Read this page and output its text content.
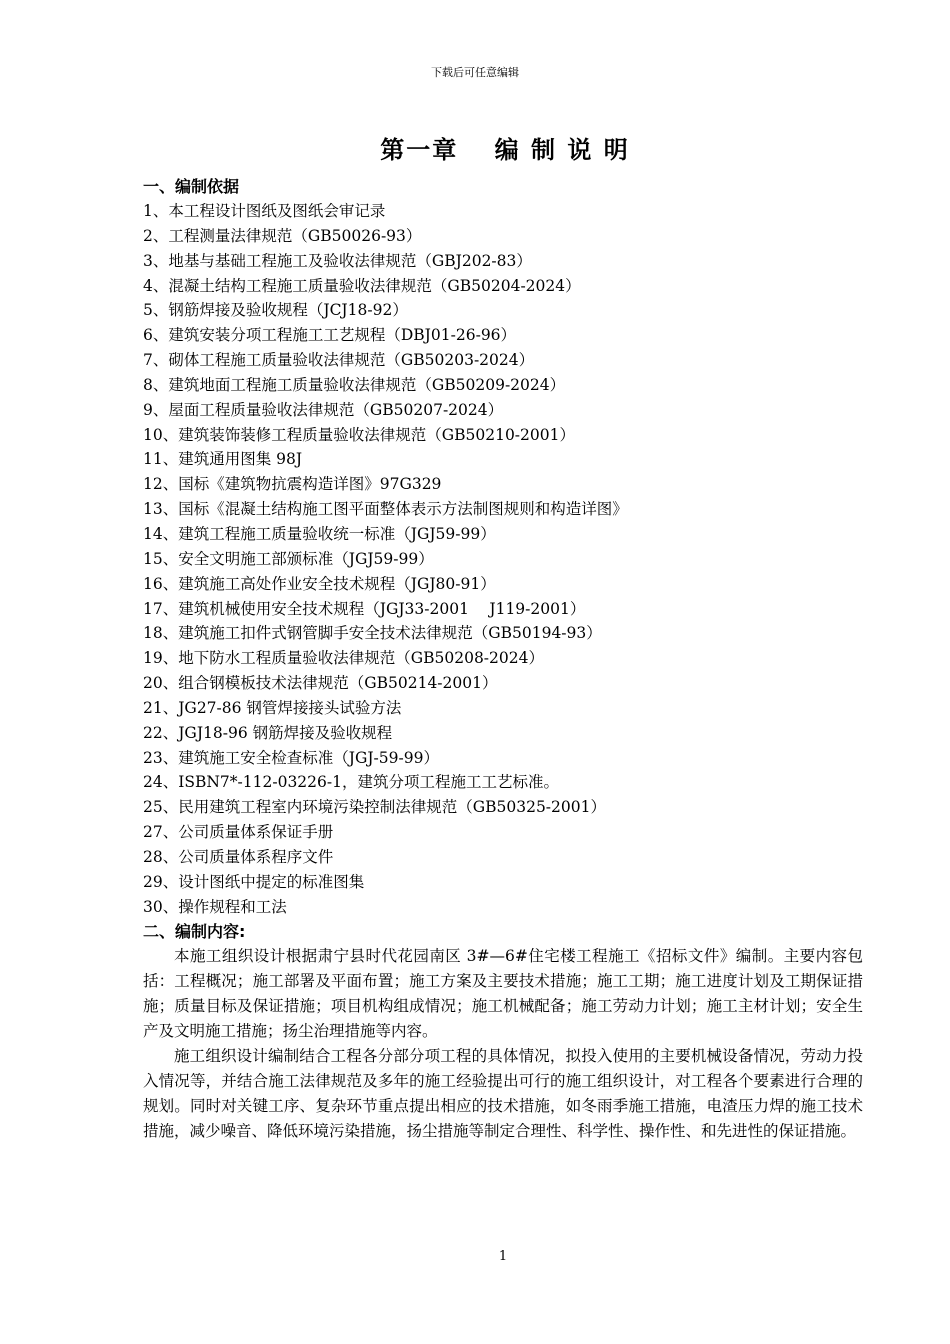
下载后可任意编辑
第一章　 编 制 说 明
一、编制依据
1、本工程设计图纸及图纸会审记录
2、工程测量法律规范（GB50026-93）
3、地基与基础工程施工及验收法律规范（GBJ202-83）
4、混凝土结构工程施工质量验收法律规范（GB50204-2024）
5、钢筋焊接及验收规程（JCJ18-92）
6、建筑安装分项工程施工工艺规程（DBJ01-26-96）
7、砌体工程施工质量验收法律规范（GB50203-2024）
8、建筑地面工程施工质量验收法律规范（GB50209-2024）
9、屋面工程质量验收法律规范（GB50207-2024）
10、建筑装饰装修工程质量验收法律规范（GB50210-2001）
11、建筑通用图集 98J
12、国标《建筑物抗震构造详图》97G329
13、国标《混凝土结构施工图平面整体表示方法制图规则和构造详图》
14、建筑工程施工质量验收统一标准（JGJ59-99）
15、安全文明施工部颁标准（JGJ59-99）
16、建筑施工高处作业安全技术规程（JGJ80-91）
17、建筑机械使用安全技术规程（JGJ33-2001　 J119-2001）
18、建筑施工扣件式钢管脚手安全技术法律规范（GB50194-93）
19、地下防水工程质量验收法律规范（GB50208-2024）
20、组合钢模板技术法律规范（GB50214-2001）
21、JG27-86 钢管焊接接头试验方法
22、JGJ18-96 钢筋焊接及验收规程
23、建筑施工安全检查标准（JGJ-59-99）
24、ISBN7*-112-03226-1，建筑分项工程施工工艺标准。
25、民用建筑工程室内环境污染控制法律规范（GB50325-2001）
27、公司质量体系保证手册
28、公司质量体系程序文件
29、设计图纸中提定的标准图集
30、操作规程和工法
二、编制内容:

本施工组织设计根据肃宁县时代花园南区 3#—6#住宅楼工程施工《招标文件》编制。主要内容包括：工程概况；施工部署及平面布置；施工方案及主要技术措施；施工工期；施工进度计划及工期保证措施；质量目标及保证措施；项目机构组成情况；施工机械配备；施工劳动力计划；施工主材计划；安全生产及文明施工措施；扬尘治理措施等内容。

施工组织设计编制结合工程各分部分项工程的具体情况，拟投入使用的主要机械设备情况，劳动力投入情况等，并结合施工法律规范及多年的施工经验提出可行的施工组织设计，对工程各个要素进行合理的规划。同时对关键工序、复杂环节重点提出相应的技术措施，如冬雨季施工措施，电渣压力焊的施工技术措施，减少噪音、降低环境污染措施，扬尘措施等制定合理性、科学性、操作性、和先进性的保证措施。

1
